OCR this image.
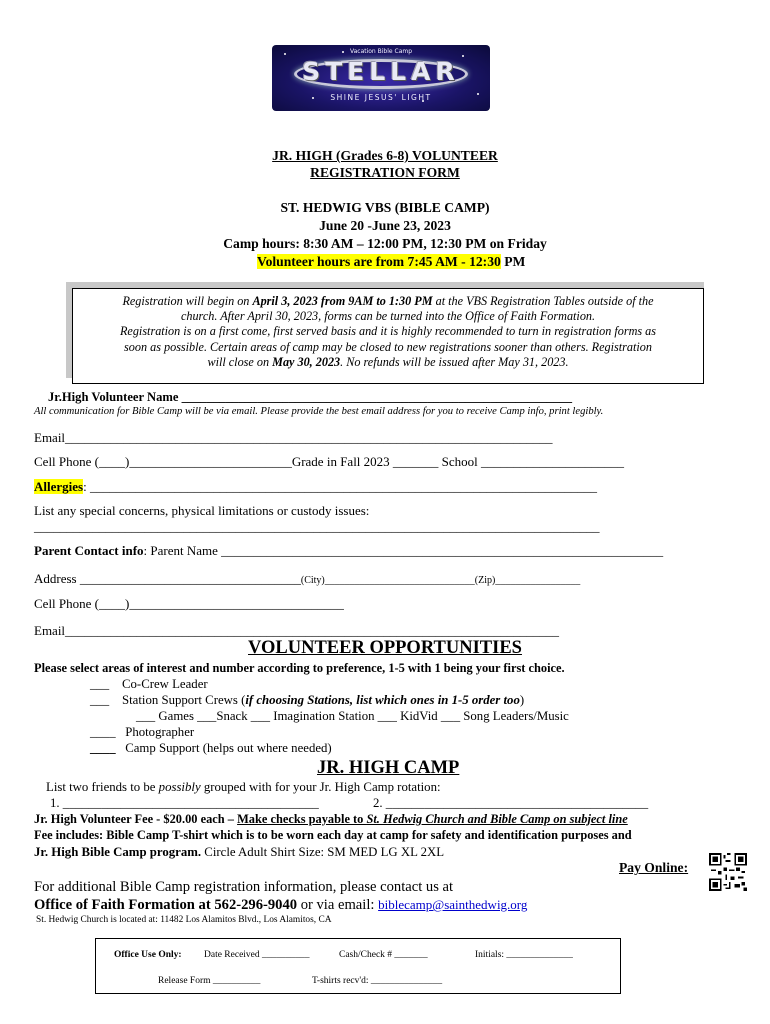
Vacation Bible Camp
STELLAR
SHINE JESUS' LIGHT
JR. HIGH (Grades 6-8) VOLUNTEER
REGISTRATION FORM
ST. HEDWIG VBS (BIBLE CAMP)
June 20 -June 23, 2023
Camp hours: 8:30 AM – 12:00 PM, 12:30 PM on Friday
Volunteer hours are from 7:45 AM - 12:30 PM
Registration will begin on April 3, 2023 from 9AM to 1:30 PM at the VBS Registration Tables outside of the
church. After April 30, 2023, forms can be turned into the Office of Faith Formation.
Registration is on a first come, first served basis and it is highly recommended to turn in registration forms as
soon as possible. Certain areas of camp may be closed to new registrations sooner than others. Registration
will close on May 30, 2023. No refunds will be issued after May 31, 2023.
Jr.High Volunteer Name ______________________________________________________________
All communication for Bible Camp will be via email. Please provide the best email address for you to receive Camp info, print legibly.
Email___________________________________________________________________________
Cell Phone (____)_________________________Grade in Fall 2023 _______ School ______________________
Allergies: ______________________________________________________________________________
List any special concerns, physical limitations or custody issues:
_______________________________________________________________________________________
Parent Contact info: Parent Name ____________________________________________________________________
Address __________________________________(City)______________________________(Zip)_________________
Cell Phone (____)_________________________________
Email____________________________________________________________________________
VOLUNTEER OPPORTUNITIES
Please select areas of interest and number according to preference, 1-5 with 1 being your first choice.
___ Co-Crew Leader
___ Station Support Crews (if choosing Stations, list which ones in 1-5 order too)
___ Games ___Snack ___ Imagination Station ___ KidVid ___ Song Leaders/Music
____ Photographer
____ Camp Support (helps out where needed)
JR. HIGH CAMP
List two friends to be possibly grouped with for your Jr. High Camp rotation:
1. ________________________________________	2. _________________________________________
Jr. High Volunteer Fee - $20.00 each – Make checks payable to St. Hedwig Church and Bible Camp on subject line
Fee includes: Bible Camp T-shirt which is to be worn each day at camp for safety and identification purposes and
Jr. High Bible Camp program. Circle Adult Shirt Size: SM MED LG XL 2XL
Pay Online:
For additional Bible Camp registration information, please contact us at
Office of Faith Formation at 562-296-9040 or via email: biblecamp@sainthedwig.org
St. Hedwig Church is located at: 11482 Los Alamitos Blvd., Los Alamitos, CA
Office Use Only: Date Received __________	Cash/Check # _______	Initials: ______________
Release Form __________	T-shirts recv'd: _______________
